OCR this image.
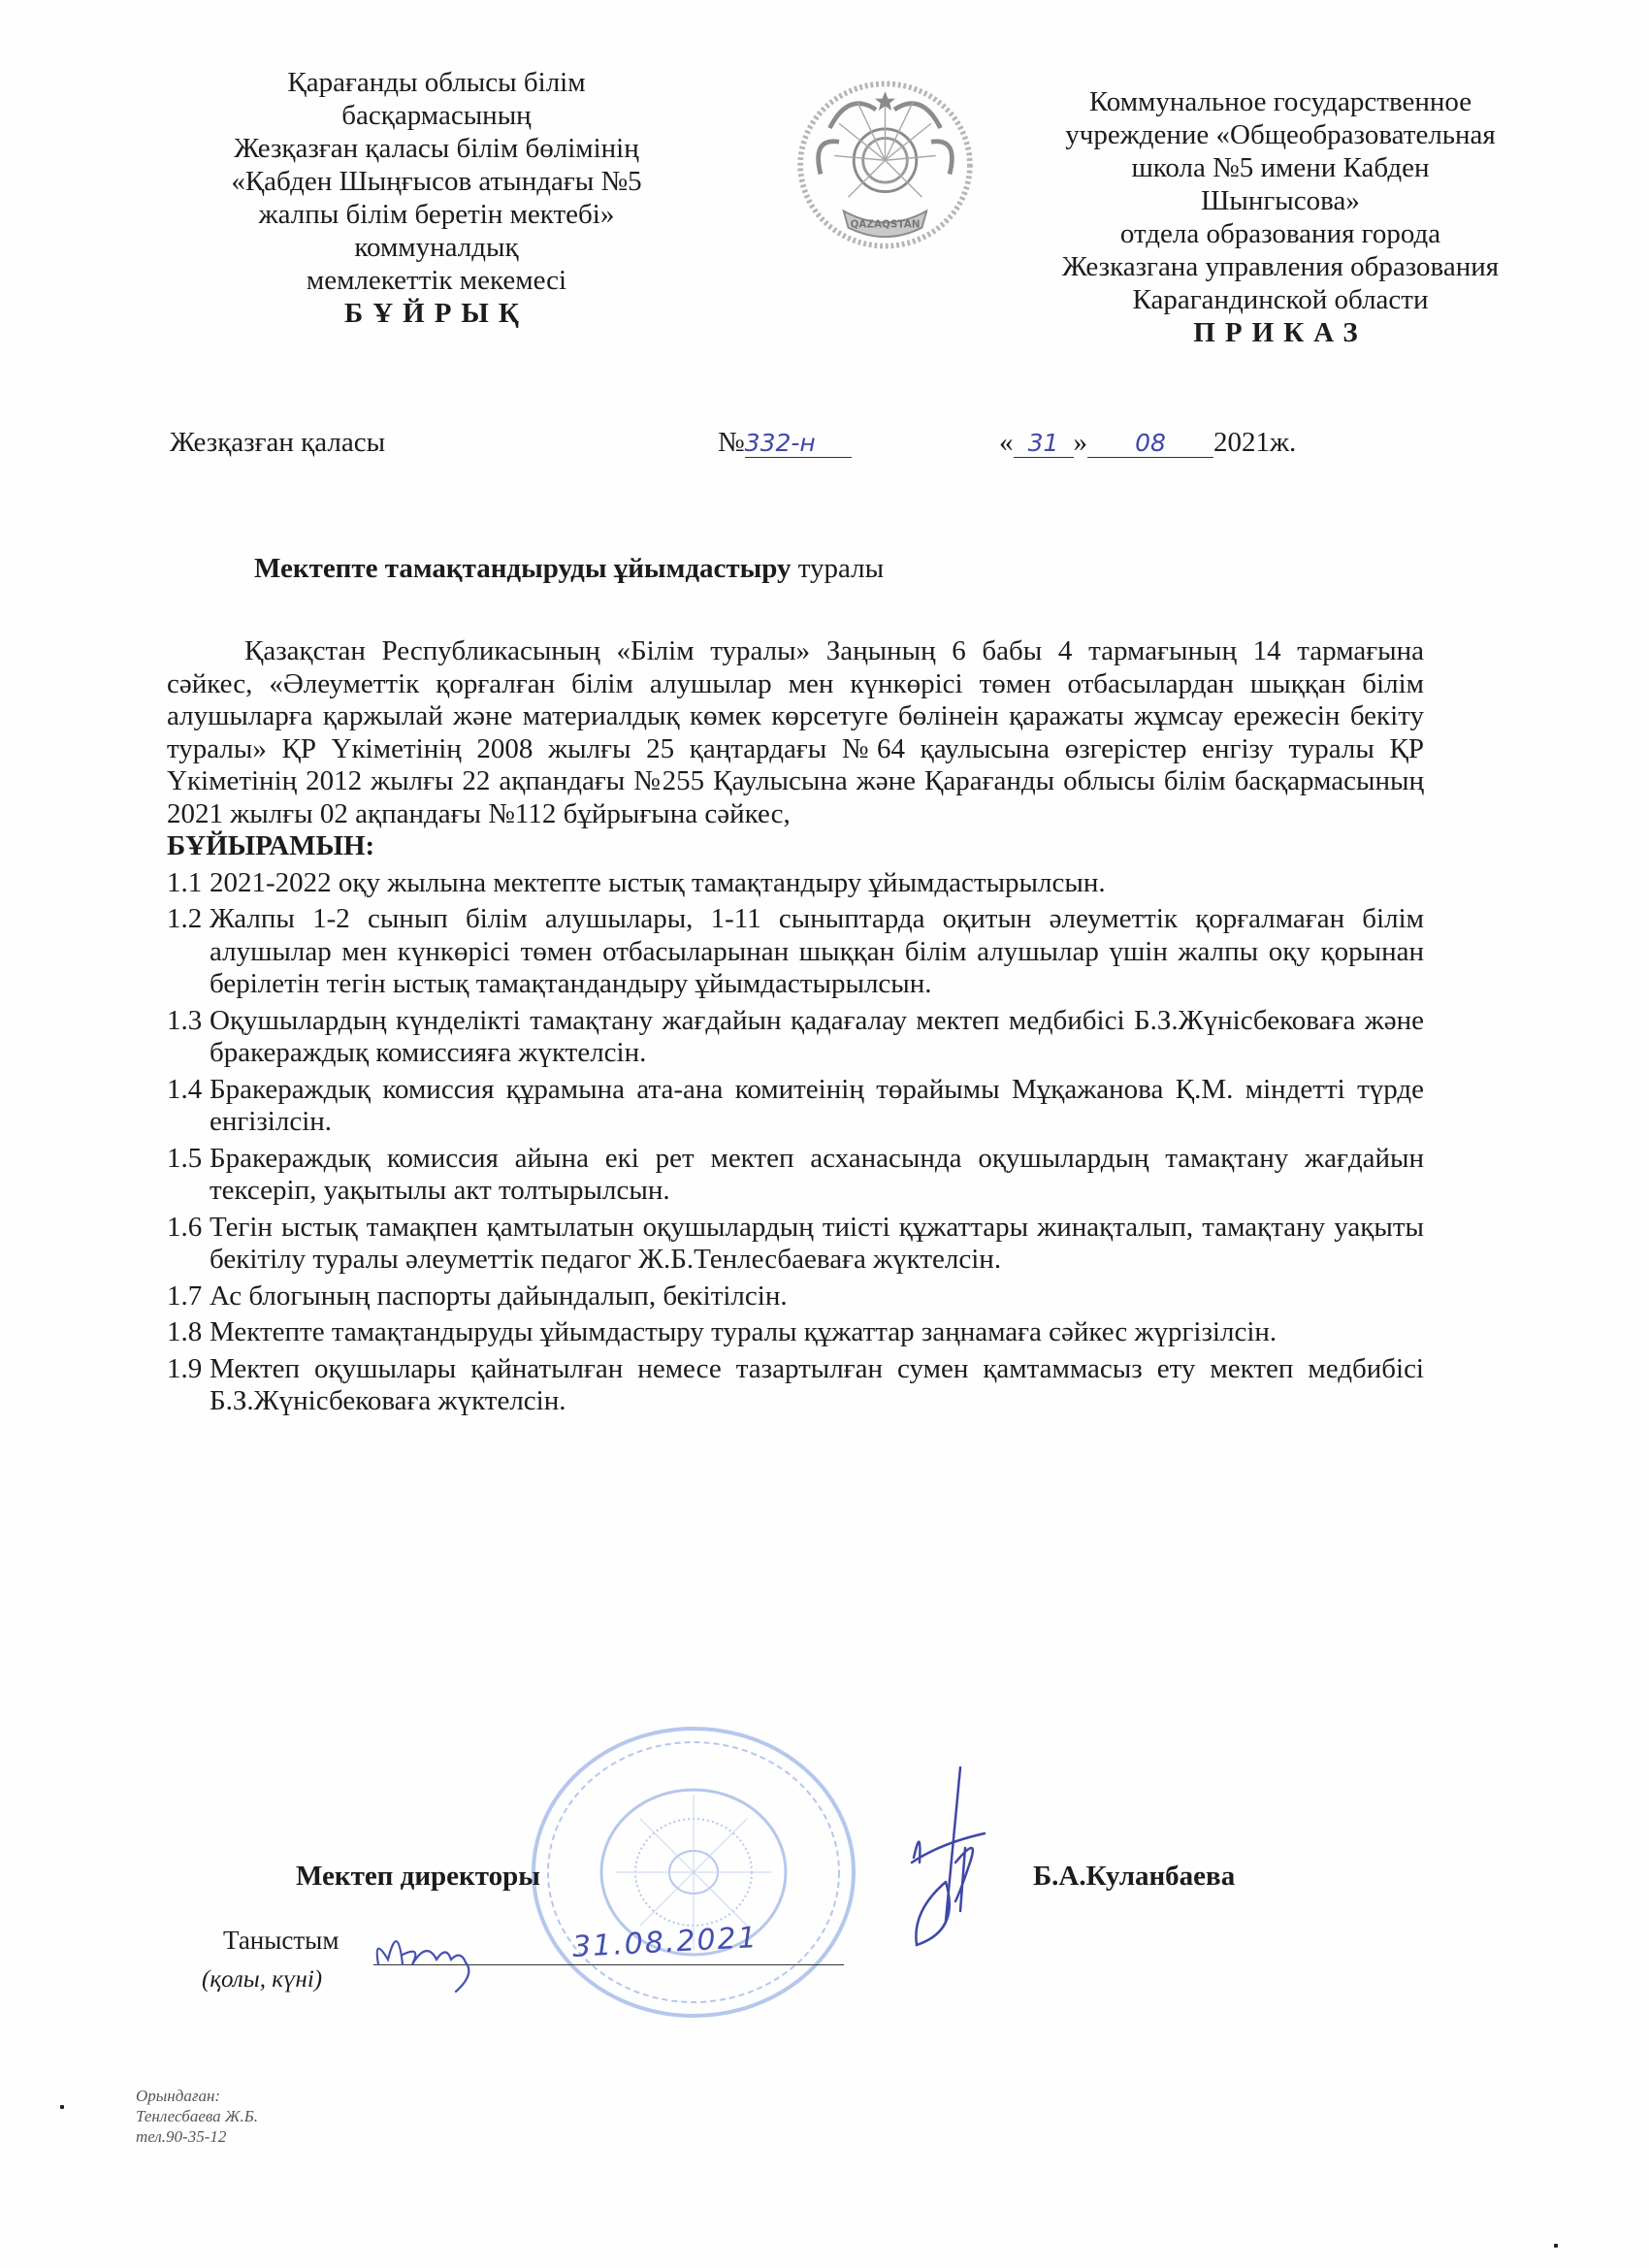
Қарағанды облысы білім
басқармасының
Жезқазған қаласы білім бөлімінің
«Қабден Шыңғысов атындағы №5
жалпы білім беретін мектебі»
коммуналдық
мемлекеттік мекемесі
БҰЙРЫҚ
QAZAQSTAN
Коммунальное государственное
учреждение «Общеобразовательная
школа №5 имени Кабден
Шынгысова»
отдела образования города
Жезказгана управления образования
Карагандинской области
ПРИКАЗ
Жезқазған қаласы	№332-н	« 31 » 08 2021ж.
Мектепте тамақтандыруды ұйымдастыру туралы

Қазақстан Республикасының «Білім туралы» Заңының 6 бабы 4 тармағының 14 тармағына сәйкес, «Әлеуметтік қорғалған білім алушылар мен күнкөрісі төмен отбасылардан шыққан білім алушыларға қаржылай және материалдық көмек көрсетуге бөлінеін қаражаты жұмсау ережесін бекіту туралы» ҚР Үкіметінің 2008 жылғы 25 қаңтардағы №64 қаулысына өзгерістер енгізу туралы ҚР Үкіметінің 2012 жылғы 22 ақпандағы №255 Қаулысына және Қарағанды облысы білім басқармасының 2021 жылғы 02 ақпандағы №112 бұйрығына сәйкес,

БҰЙЫРАМЫН:
1.1 2021-2022 оқу жылына мектепте ыстық тамақтандыру ұйымдастырылсын.
1.2 Жалпы 1-2 сынып білім алушылары, 1-11 сыныптарда оқитын әлеуметтік қорғалмаған білім алушылар мен күнкөрісі төмен отбасыларынан шыққан білім алушылар үшін жалпы оқу қорынан берілетін тегін ыстық тамақтандандыру ұйымдастырылсын.
1.3 Оқушылардың күнделікті тамақтану жағдайын қадағалау мектеп медбибісі Б.З.Жүнісбековаға және бракераждық комиссияға жүктелсін.
1.4 Бракераждық комиссия құрамына ата-ана комитеінің төрайымы Мұқажанова Қ.М. міндетті түрде енгізілсін.
1.5 Бракераждық комиссия айына екі рет мектеп асханасында оқушылардың тамақтану жағдайын тексеріп, уақытылы акт толтырылсын.
1.6 Тегін ыстық тамақпен қамтылатын оқушылардың тиісті құжаттары жинақталып, тамақтану уақыты бекітілу туралы әлеуметтік педагог Ж.Б.Тенлесбаеваға жүктелсін.
1.7 Ас блогының паспорты дайындалып, бекітілсін.
1.8 Мектепте тамақтандыруды ұйымдастыру туралы құжаттар заңнамаға сәйкес жүргізілсін.
1.9 Мектеп оқушылары қайнатылған немесе тазартылған сумен қамтаммасыз ету мектеп медбибісі Б.З.Жүнісбековаға жүктелсін.
Мектеп директоры	Б.А.Куланбаева
Таныстым	31.08.2021
(қолы, күні)
Орындаған:
Тенлесбаева Ж.Б.
тел.90-35-12
